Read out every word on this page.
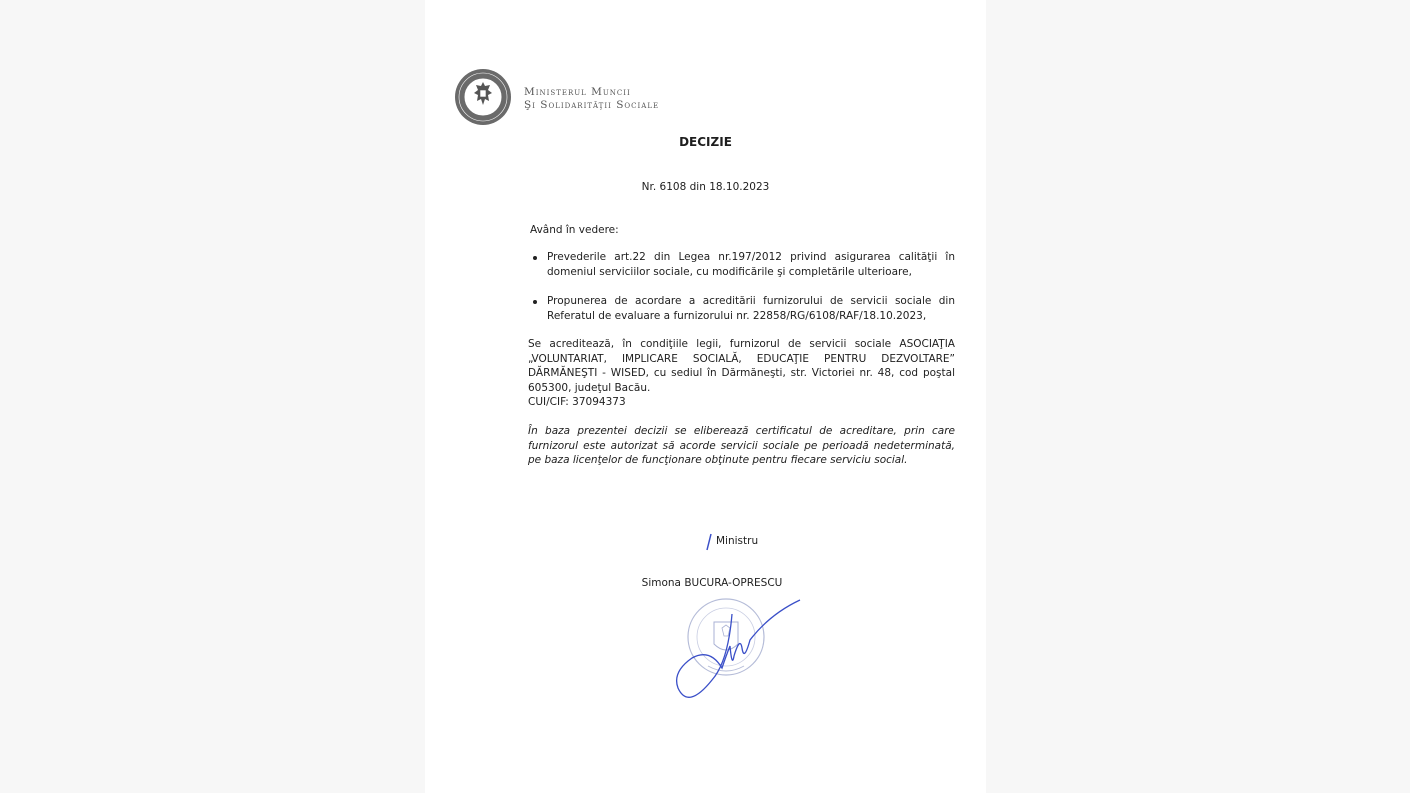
Ministerul Muncii
Şi Solidarităţii Sociale
DECIZIE
Nr. 6108 din 18.10.2023
Având în vedere:
Prevederile art.22 din Legea nr.197/2012 privind asigurarea calităţii în domeniul serviciilor sociale, cu modificările şi completările ulterioare,
Propunerea de acordare a acreditării furnizorului de servicii sociale din Referatul de evaluare a furnizorului nr. 22858/RG/6108/RAF/18.10.2023,
Se acreditează, în condiţiile legii, furnizorul de servicii sociale ASOCIAŢIA
„VOLUNTARIAT, IMPLICARE SOCIALĂ, EDUCAŢIE PENTRU DEZVOLTARE”
DĂRMĂNEŞTI - WISED, cu sediul în Dărmăneşti, str. Victoriei nr. 48, cod poştal
605300, judeţul Bacău.
CUI/CIF: 37094373
În baza prezentei decizii se eliberează certificatul de acreditare, prin care
furnizorul este autorizat să acorde servicii sociale pe perioadă nedeterminată,
pe baza licenţelor de funcţionare obţinute pentru fiecare serviciu social.
Ministru
Simona BUCURA-OPRESCU
